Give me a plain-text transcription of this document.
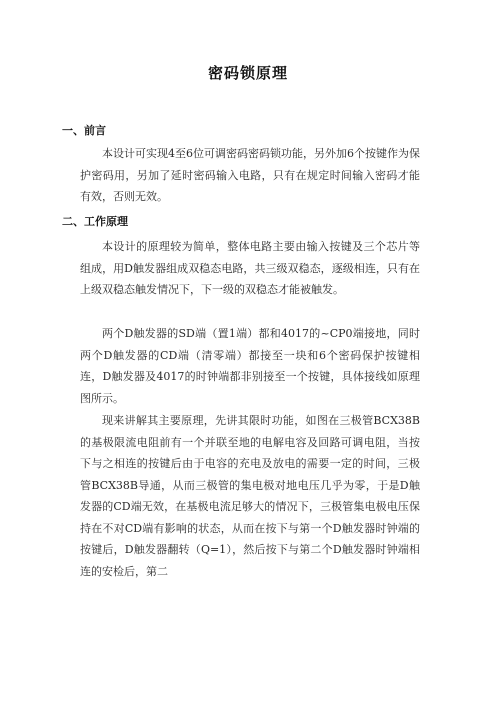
密码锁原理
一、前言
本设计可实现4至6位可调密码密码锁功能，另外加6个按键作为保护密码用，另加了延时密码输入电路，只有在规定时间输入密码才能有效，否则无效。
二、工作原理
本设计的原理较为简单，整体电路主要由输入按键及三个芯片等组成，用D触发器组成双稳态电路，共三级双稳态，逐级相连，只有在上级双稳态触发情况下，下一级的双稳态才能被触发。
两个D触发器的SD端（置1端）都和4017的~CP0端接地，同时两个D触发器的CD端（清零端）都接至一块和6个密码保护按键相连，D触发器及4017的时钟端都非别接至一个按键，具体接线如原理图所示。
现来讲解其主要原理，先讲其限时功能，如图在三极管BCX38B的基极限流电阻前有一个并联至地的电解电容及回路可调电阻，当按下与之相连的按键后由于电容的充电及放电的需要一定的时间，三极管BCX38B导通，从而三极管的集电极对地电压几乎为零，于是D触发器的CD端无效，在基极电流足够大的情况下，三极管集电极电压保持在不对CD端有影响的状态，从而在按下与第一个D触发器时钟端的按键后，D触发器翻转（Q=1），然后按下与第二个D触发器时钟端相连的安检后，第二
